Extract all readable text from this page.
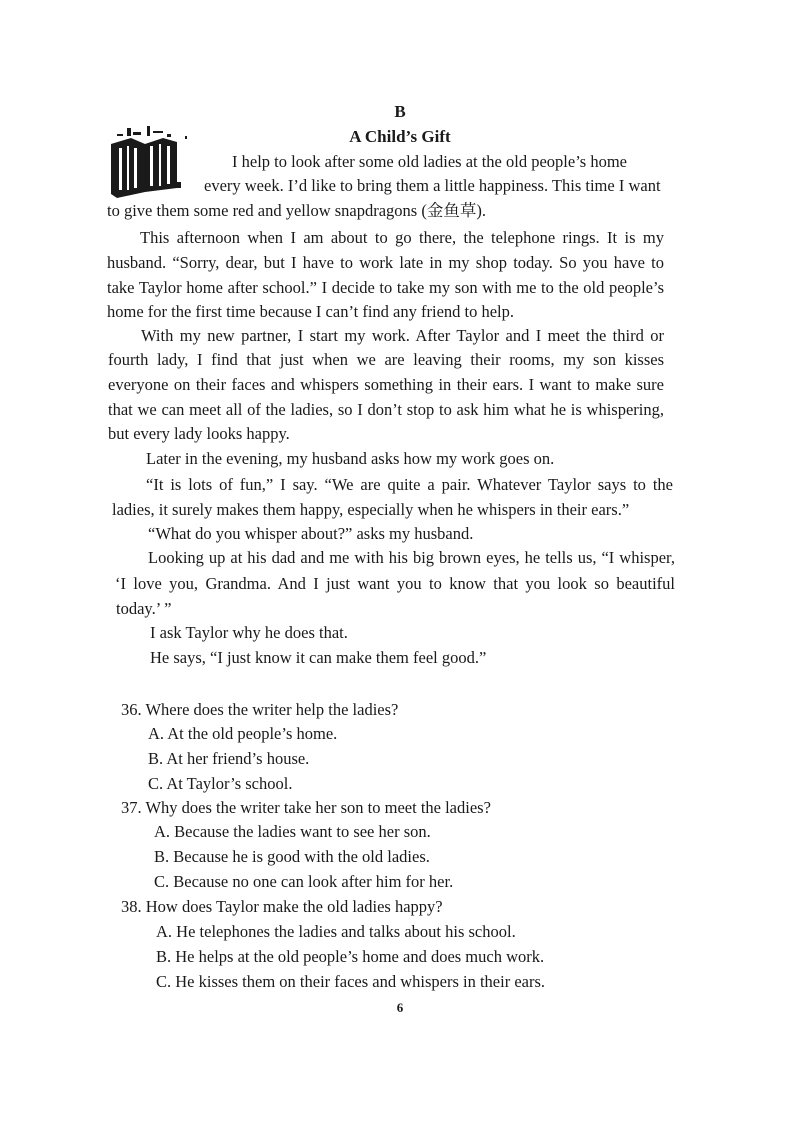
B
A Child’s Gift
I help to look after some old ladies at the old people’s home
every week. I’d like to bring them a little happiness. This time I want
to give them some red and yellow snapdragons (金鱼草).
This afternoon when I am about to go there, the telephone rings. It is my
husband. “Sorry, dear, but I have to work late in my shop today. So you have to
take Taylor home after school.” I decide to take my son with me to the old people’s
home for the first time because I can’t find any friend to help.
With my new partner, I start my work. After Taylor and I meet the third or
fourth lady, I find that just when we are leaving their rooms, my son kisses
everyone on their faces and whispers something in their ears. I want to make sure
that we can meet all of the ladies, so I don’t stop to ask him what he is whispering,
but every lady looks happy.
Later in the evening, my husband asks how my work goes on.
“It is lots of fun,” I say. “We are quite a pair. Whatever Taylor says to the
ladies, it surely makes them happy, especially when he whispers in their ears.”
“What do you whisper about?” asks my husband.
Looking up at his dad and me with his big brown eyes, he tells us, “I whisper,
‘I love you, Grandma. And I just want you to know that you look so beautiful
today.’ ”
I ask Taylor why he does that.
He says, “I just know it can make them feel good.”
36. Where does the writer help the ladies?
A. At the old people’s home.
B. At her friend’s house.
C. At Taylor’s school.
37. Why does the writer take her son to meet the ladies?
A. Because the ladies want to see her son.
B. Because he is good with the old ladies.
C. Because no one can look after him for her.
38. How does Taylor make the old ladies happy?
A. He telephones the ladies and talks about his school.
B. He helps at the old people’s home and does much work.
C. He kisses them on their faces and whispers in their ears.
6
